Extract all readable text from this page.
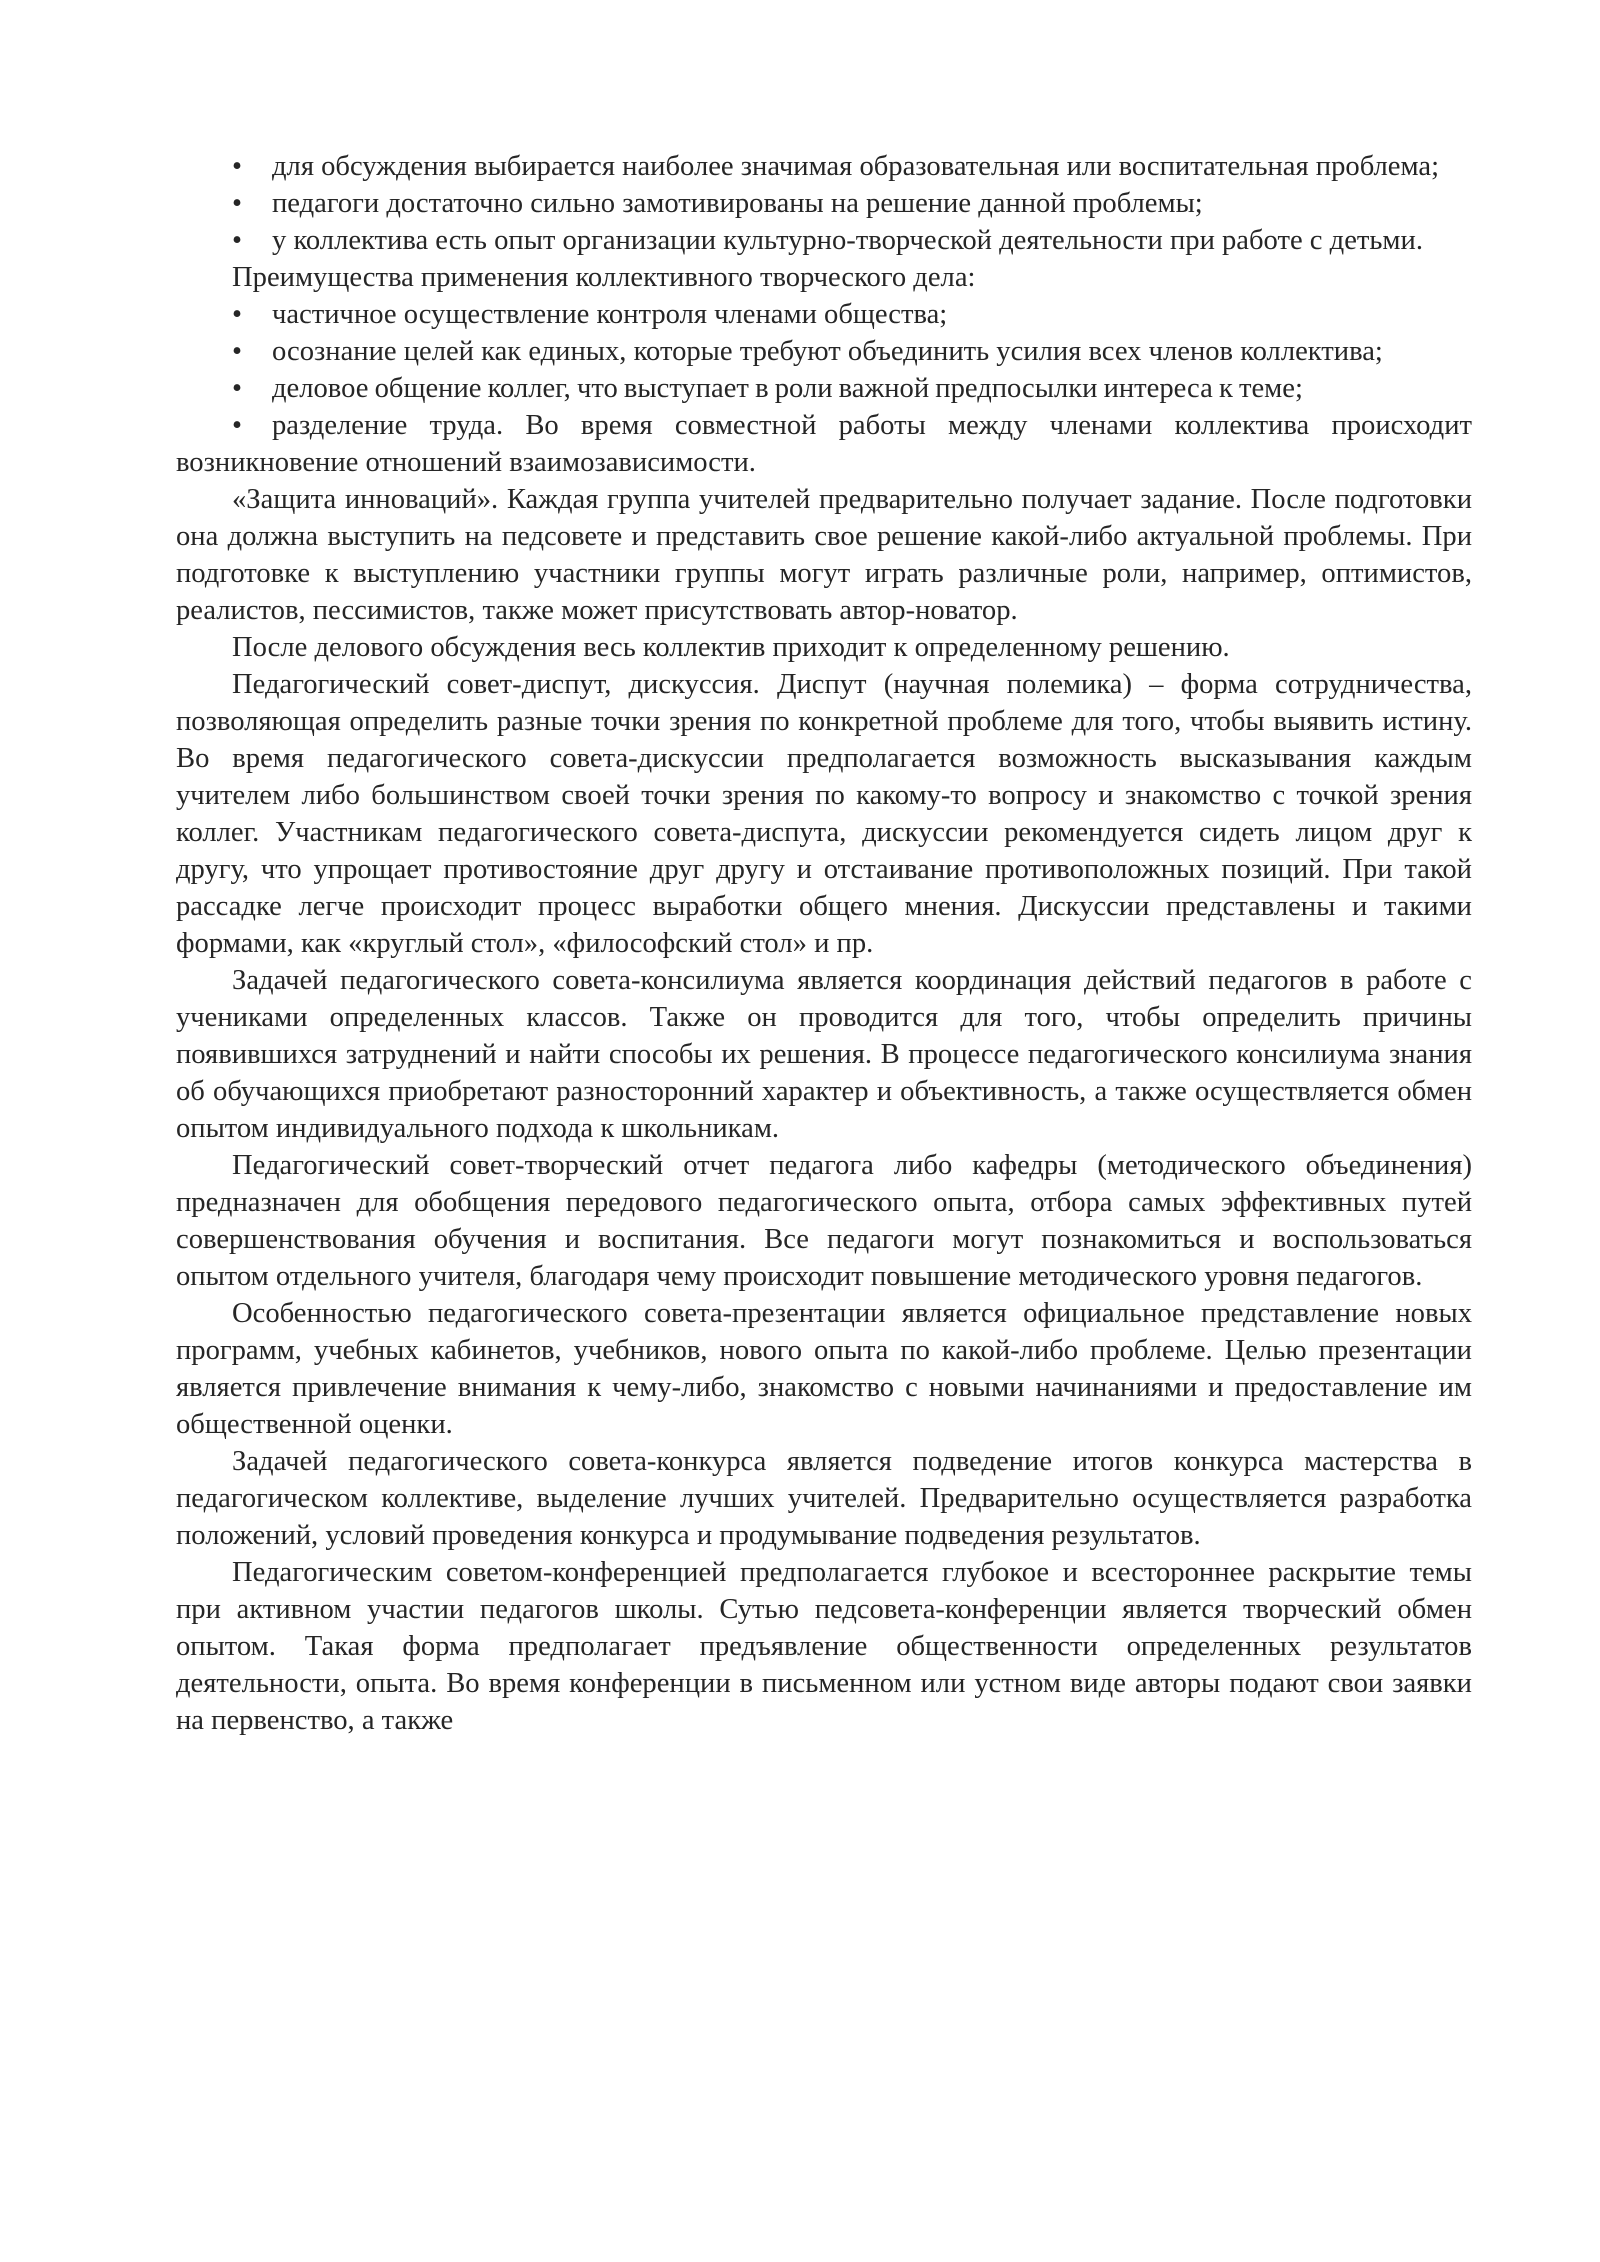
•	для обсуждения выбирается наиболее значимая образовательная или воспитательная проблема;

•	педагоги достаточно сильно замотивированы на решение данной проблемы;

•	у коллектива есть опыт организации культурно-творческой деятельности при работе с детьми.

Преимущества применения коллективного творческого дела:

•	частичное осуществление контроля членами общества;

•	осознание целей как единых, которые требуют объединить усилия всех членов коллектива;

•	деловое общение коллег, что выступает в роли важной предпосылки интереса к теме;

•	разделение труда. Во время совместной работы между членами коллектива происходит возникновение отношений взаимозависимости.

«Защита инноваций». Каждая группа учителей предварительно получает задание. После подготовки она должна выступить на педсовете и представить свое решение какой-либо актуальной проблемы. При подготовке к выступлению участники группы могут играть различные роли, например, оптимистов, реалистов, пессимистов, также может присутствовать автор-новатор.

После делового обсуждения весь коллектив приходит к определенному решению.

Педагогический совет-диспут, дискуссия. Диспут (научная полемика) – форма сотрудничества, позволяющая определить разные точки зрения по конкретной проблеме для того, чтобы выявить истину. Во время педагогического совета-дискуссии предполагается возможность высказывания каждым учителем либо большинством своей точки зрения по какому-то вопросу и знакомство с точкой зрения коллег. Участникам педагогического совета-диспута, дискуссии рекомендуется сидеть лицом друг к другу, что упрощает противостояние друг другу и отстаивание противоположных позиций. При такой рассадке легче происходит процесс выработки общего мнения. Дискуссии представлены и такими формами, как «круглый стол», «философский стол» и пр.

Задачей педагогического совета-консилиума является координация действий педагогов в работе с учениками определенных классов. Также он проводится для того, чтобы определить причины появившихся затруднений и найти способы их решения. В процессе педагогического консилиума знания об обучающихся приобретают разносторонний характер и объективность, а также осуществляется обмен опытом индивидуального подхода к школьникам.

Педагогический совет-творческий отчет педагога либо кафедры (методического объединения) предназначен для обобщения передового педагогического опыта, отбора самых эффективных путей совершенствования обучения и воспитания. Все педагоги могут познакомиться и воспользоваться опытом отдельного учителя, благодаря чему происходит повышение методического уровня педагогов.

Особенностью педагогического совета-презентации является официальное представление новых программ, учебных кабинетов, учебников, нового опыта по какой-либо проблеме. Целью презентации является привлечение внимания к чему-либо, знакомство с новыми начинаниями и предоставление им общественной оценки.

Задачей педагогического совета-конкурса является подведение итогов конкурса мастерства в педагогическом коллективе, выделение лучших учителей. Предварительно осуществляется разработка положений, условий проведения конкурса и продумывание подведения результатов.

Педагогическим советом-конференцией предполагается глубокое и всестороннее раскрытие темы при активном участии педагогов школы. Сутью педсовета-конференции является творческий обмен опытом. Такая форма предполагает предъявление общественности определенных результатов деятельности, опыта. Во время конференции в письменном или устном виде авторы подают свои заявки на первенство, а также
